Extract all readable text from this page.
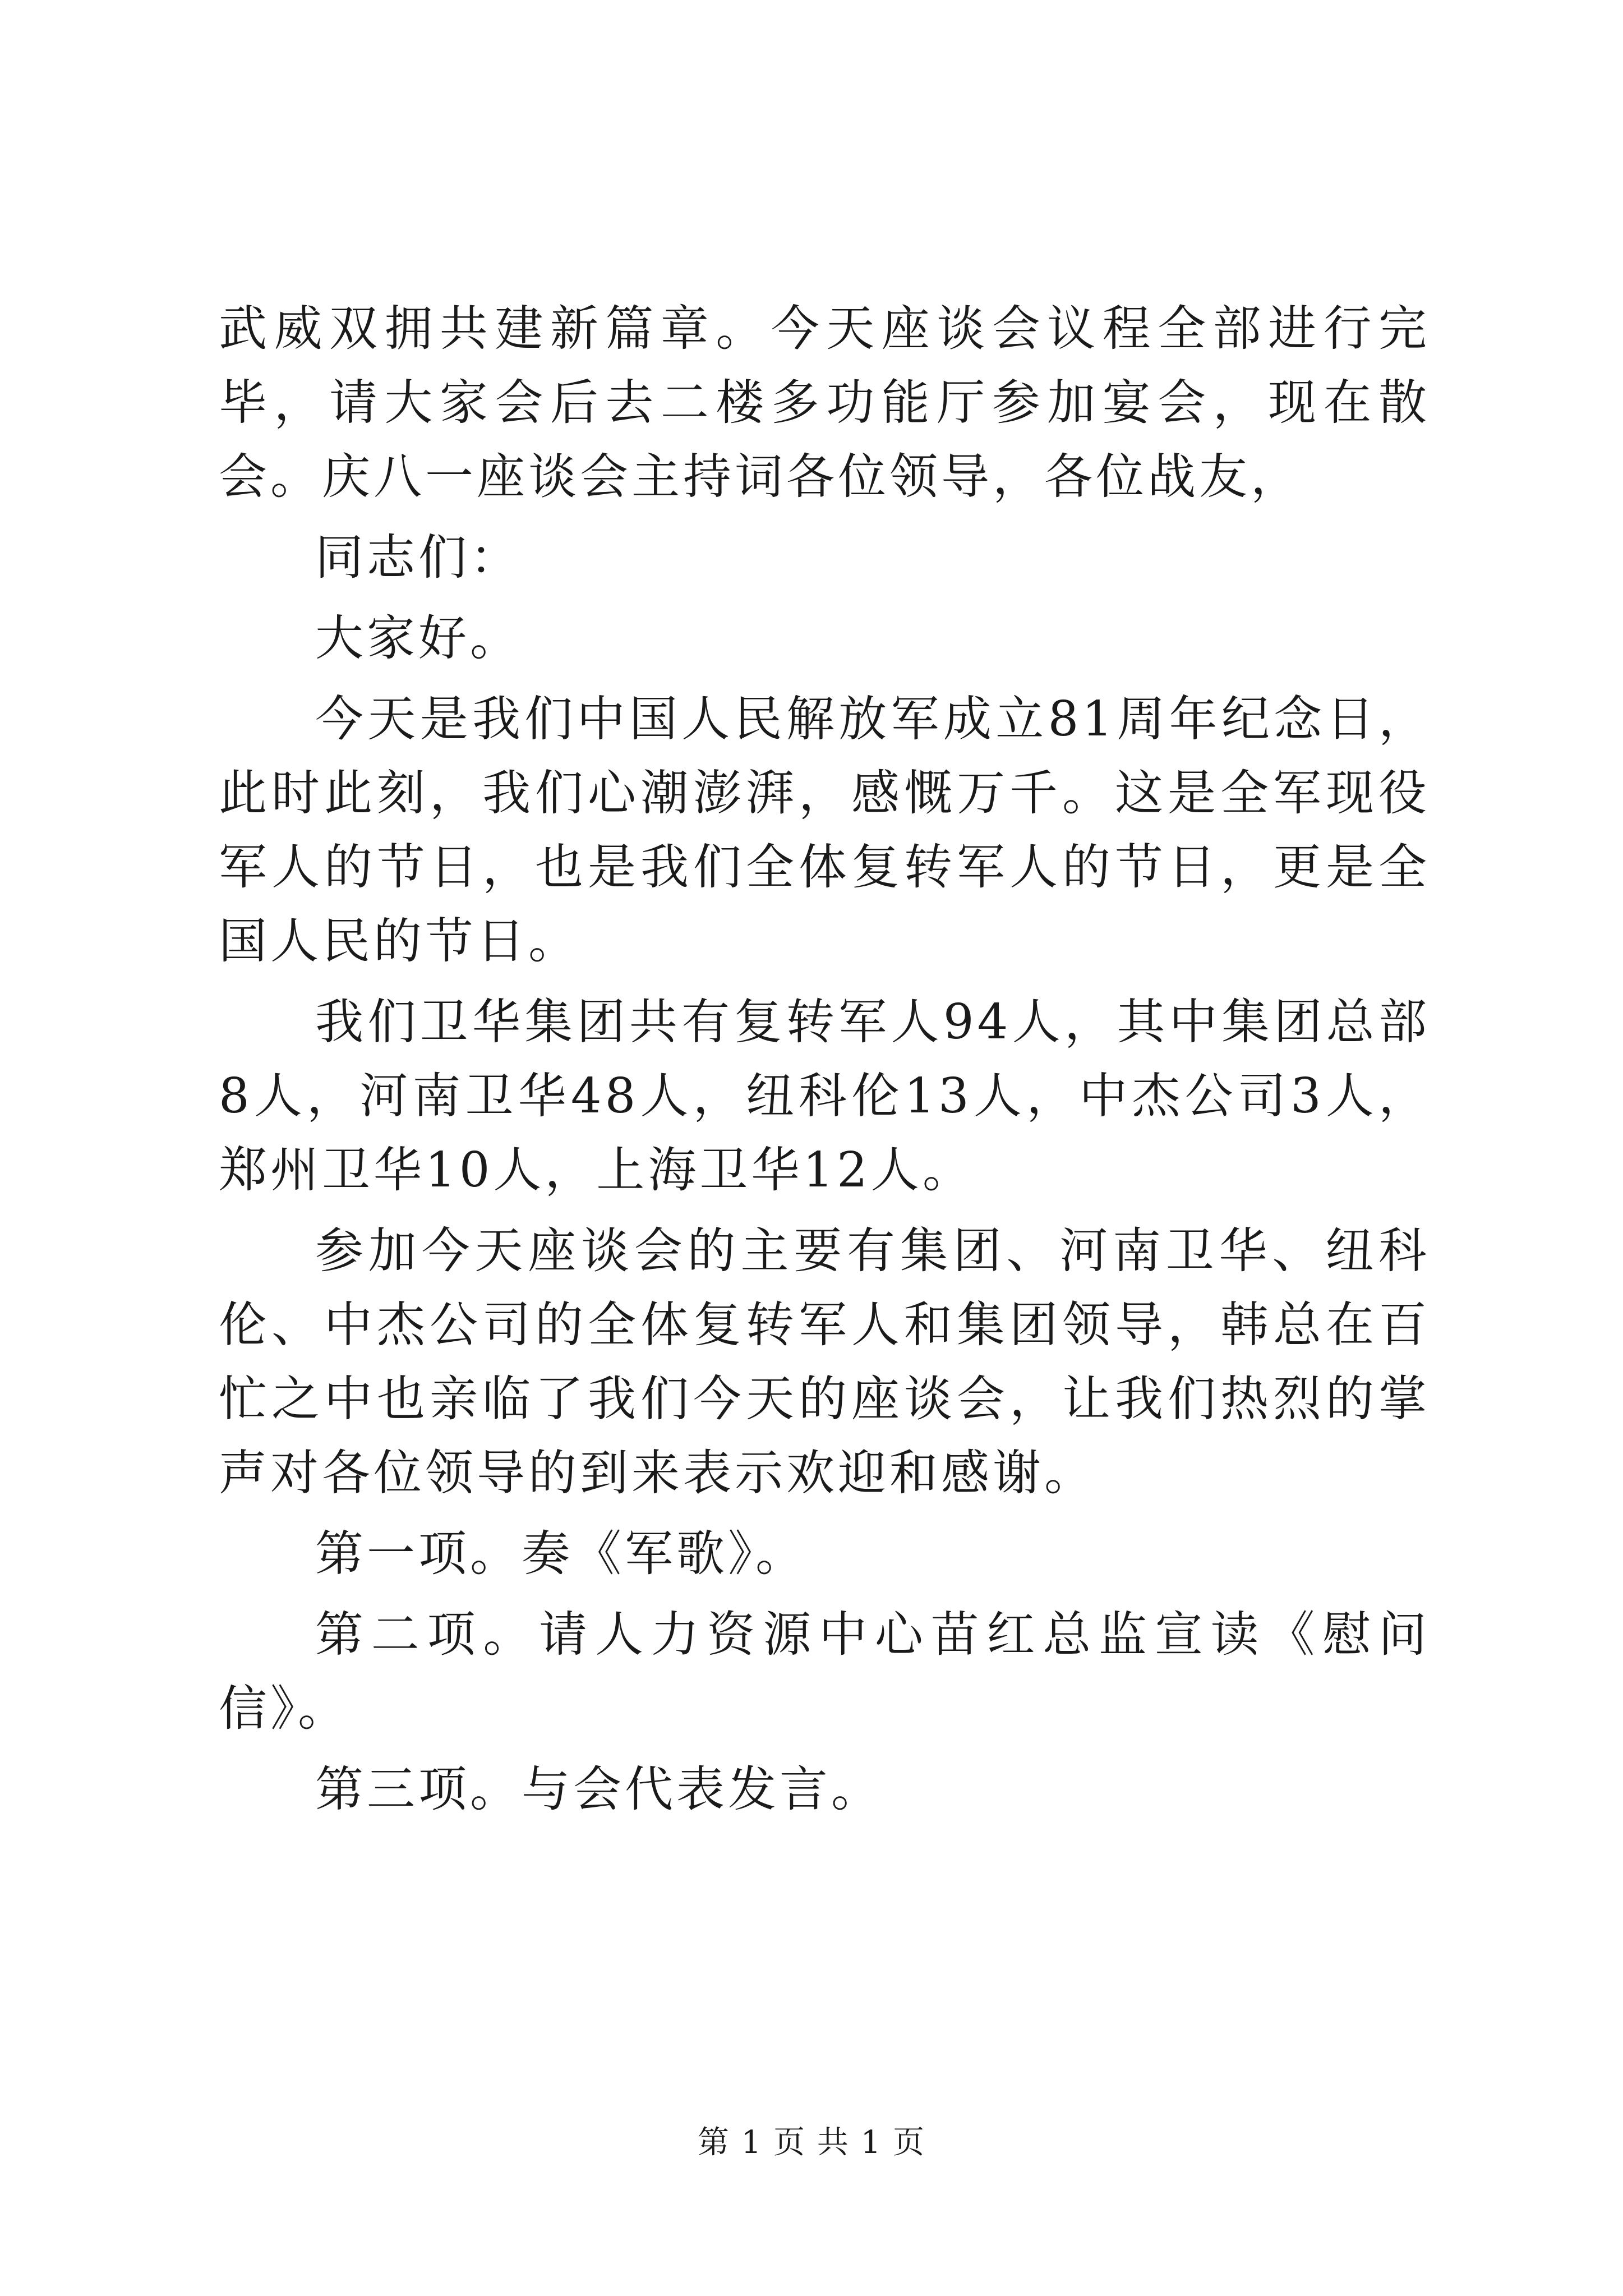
武威双拥共建新篇章。今天座谈会议程全部进行完毕，请大家会后去二楼多功能厅参加宴会，现在散会。庆八一座谈会主持词各位领导，各位战友，

同志们：

大家好。

今天是我们中国人民解放军成立81周年纪念日，此时此刻，我们心潮澎湃，感慨万千。这是全军现役军人的节日，也是我们全体复转军人的节日，更是全国人民的节日。

我们卫华集团共有复转军人94人，其中集团总部8人，河南卫华48人，纽科伦13人，中杰公司3人，郑州卫华10人，上海卫华12人。

参加今天座谈会的主要有集团、河南卫华、纽科伦、中杰公司的全体复转军人和集团领导，韩总在百忙之中也亲临了我们今天的座谈会，让我们热烈的掌声对各位领导的到来表示欢迎和感谢。

第一项。奏《军歌》。

第二项。请人力资源中心苗红总监宣读《慰问信》。

第三项。与会代表发言。

第 1 页 共 1 页
